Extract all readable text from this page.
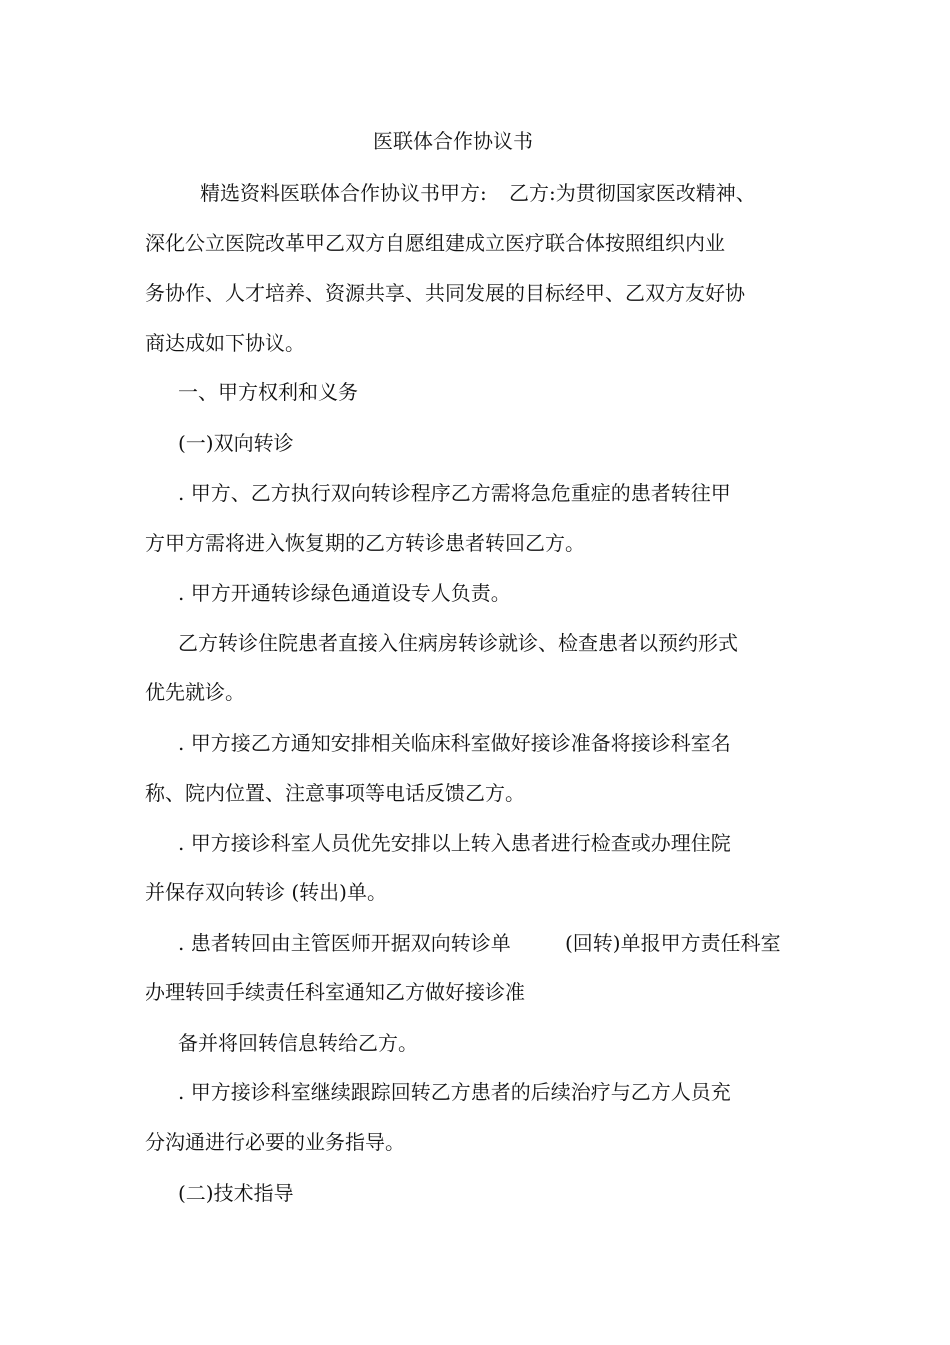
医联体合作协议书
精选资料医联体合作协议书甲方: 乙方:为贯彻国家医改精神、
深化公立医院改革甲乙双方自愿组建成立医疗联合体按照组织内业
务协作、人才培养、资源共享、共同发展的目标经甲、乙双方友好协
商达成如下协议。
一、甲方权利和义务
(一)双向转诊
. 甲方、乙方执行双向转诊程序乙方需将急危重症的患者转往甲
方甲方需将进入恢复期的乙方转诊患者转回乙方。
. 甲方开通转诊绿色通道设专人负责。
乙方转诊住院患者直接入住病房转诊就诊、检查患者以预约形式
优先就诊。
. 甲方接乙方通知安排相关临床科室做好接诊准备将接诊科室名
称、院内位置、注意事项等电话反馈乙方。
. 甲方接诊科室人员优先安排以上转入患者进行检查或办理住院
并保存双向转诊 (转出)单。
. 患者转回由主管医师开据双向转诊单	(回转)单报甲方责任科室
办理转回手续责任科室通知乙方做好接诊准
备并将回转信息转给乙方。
. 甲方接诊科室继续跟踪回转乙方患者的后续治疗与乙方人员充
分沟通进行必要的业务指导。
(二)技术指导
